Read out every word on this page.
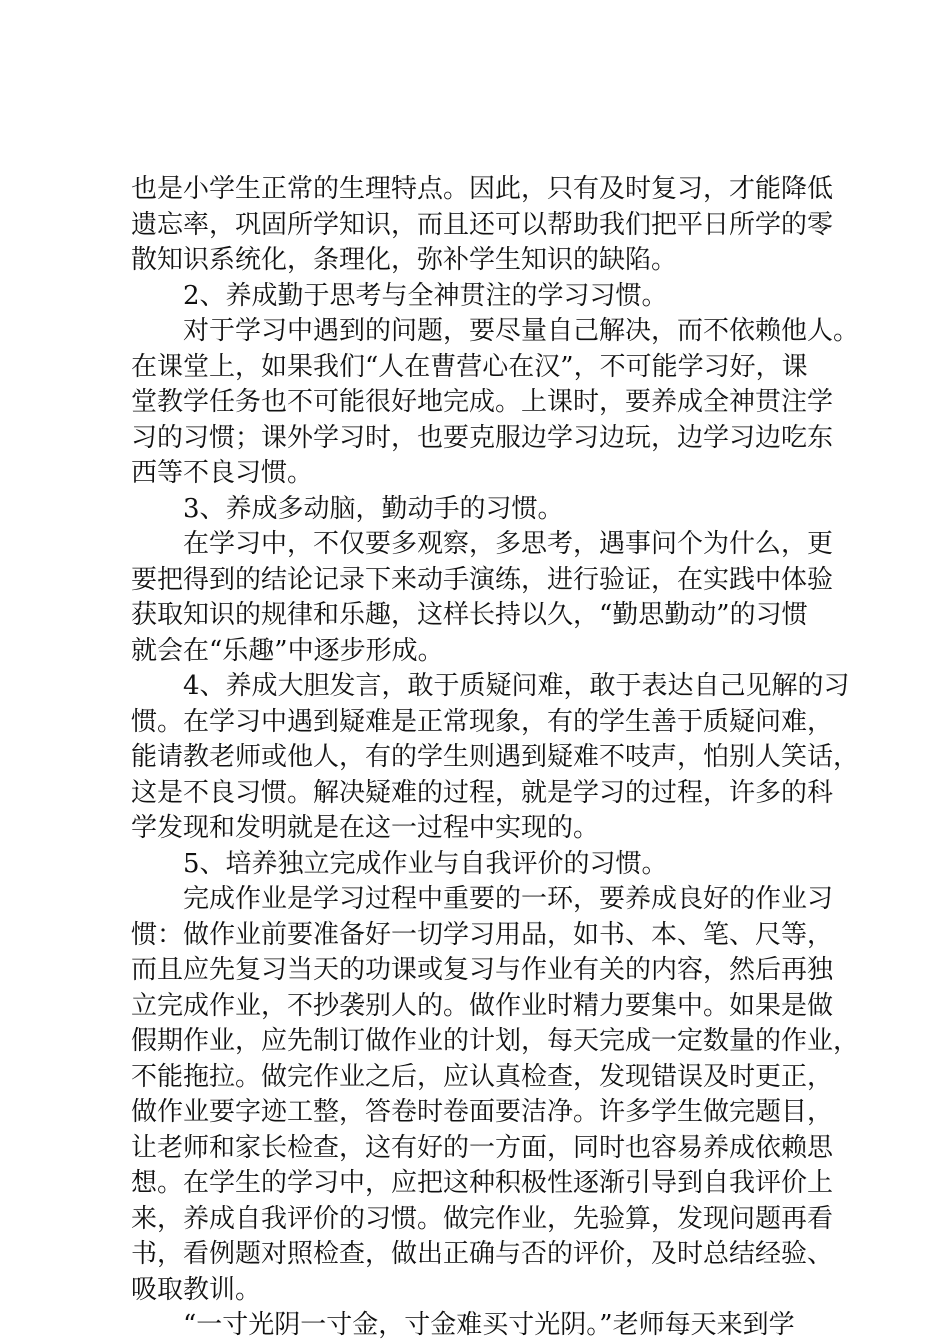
也是小学生正常的生理特点。因此，只有及时复习，才能降低
遗忘率，巩固所学知识，而且还可以帮助我们把平日所学的零
散知识系统化，条理化，弥补学生知识的缺陷。
2、养成勤于思考与全神贯注的学习习惯。
对于学习中遇到的问题，要尽量自己解决，而不依赖他人。
在课堂上，如果我们“人在曹营心在汉”，不可能学习好，课
堂教学任务也不可能很好地完成。上课时，要养成全神贯注学
习的习惯；课外学习时，也要克服边学习边玩，边学习边吃东
西等不良习惯。
3、养成多动脑，勤动手的习惯。
在学习中，不仅要多观察，多思考，遇事问个为什么，更
要把得到的结论记录下来动手演练，进行验证，在实践中体验
获取知识的规律和乐趣，这样长持以久，“勤思勤动”的习惯
就会在“乐趣”中逐步形成。
4、养成大胆发言，敢于质疑问难，敢于表达自己见解的习
惯。在学习中遇到疑难是正常现象，有的学生善于质疑问难，
能请教老师或他人，有的学生则遇到疑难不吱声，怕别人笑话，
这是不良习惯。解决疑难的过程，就是学习的过程，许多的科
学发现和发明就是在这一过程中实现的。
5、培养独立完成作业与自我评价的习惯。
完成作业是学习过程中重要的一环，要养成良好的作业习
惯：做作业前要准备好一切学习用品，如书、本、笔、尺等，
而且应先复习当天的功课或复习与作业有关的内容，然后再独
立完成作业，不抄袭别人的。做作业时精力要集中。如果是做
假期作业，应先制订做作业的计划，每天完成一定数量的作业，
不能拖拉。做完作业之后，应认真检查，发现错误及时更正，
做作业要字迹工整，答卷时卷面要洁净。许多学生做完题目，
让老师和家长检查，这有好的一方面，同时也容易养成依赖思
想。在学生的学习中，应把这种积极性逐渐引导到自我评价上
来，养成自我评价的习惯。做完作业，先验算，发现问题再看
书，看例题对照检查，做出正确与否的评价，及时总结经验、
吸取教训。
“一寸光阴一寸金，寸金难买寸光阴。”老师每天来到学
